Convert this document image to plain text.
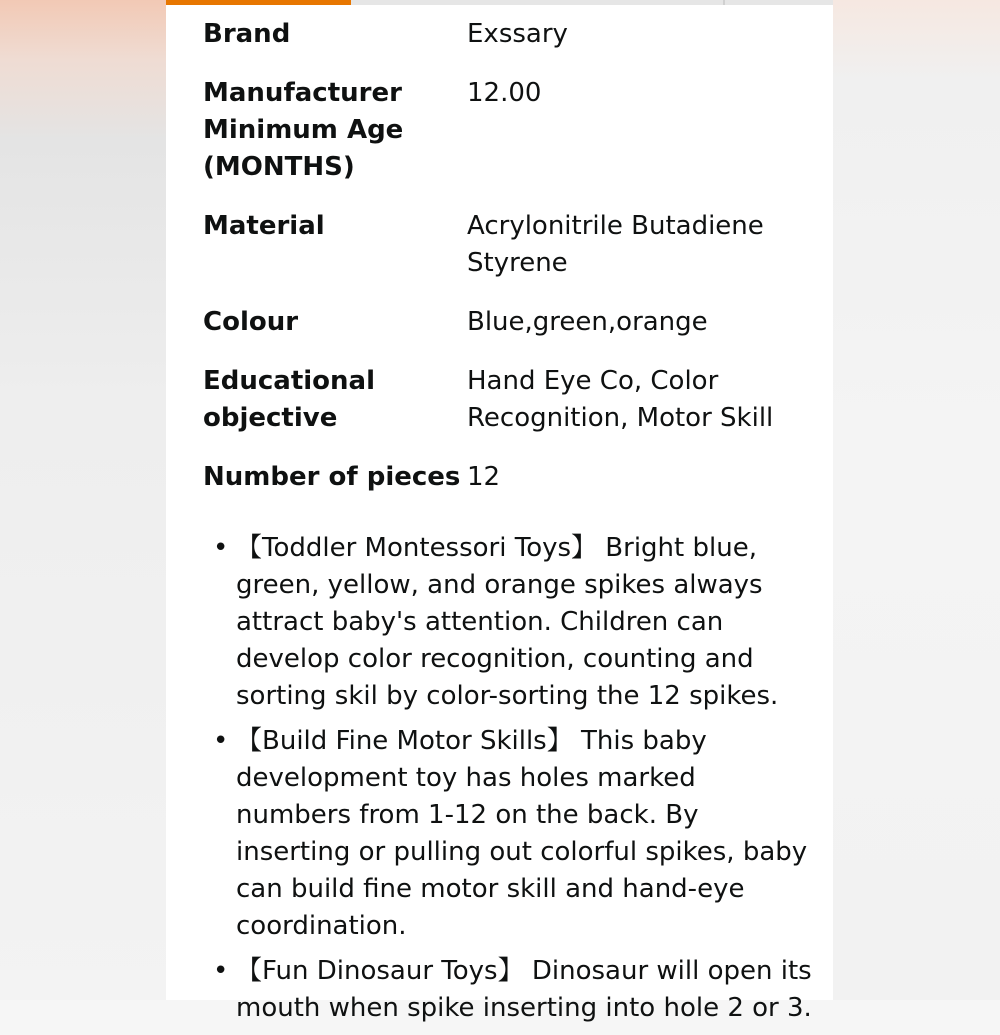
Brand	Exssary
Manufacturer Minimum Age (MONTHS)	12.00
Material	Acrylonitrile Butadiene Styrene
Colour	Blue,green,orange
Educational objective	Hand Eye Co, Color Recognition, Motor Skill
Number of pieces	12
• 【Toddler Montessori Toys】 Bright blue, green, yellow, and orange spikes always attract baby's attention. Children can develop color recognition, counting and sorting skil by color-sorting the 12 spikes.
• 【Build Fine Motor Skills】 This baby development toy has holes marked numbers from 1-12 on the back. By inserting or pulling out colorful spikes, baby can build fine motor skill and hand-eye coordination.
• 【Fun Dinosaur Toys】 Dinosaur will open its mouth when spike inserting into hole 2 or 3.
